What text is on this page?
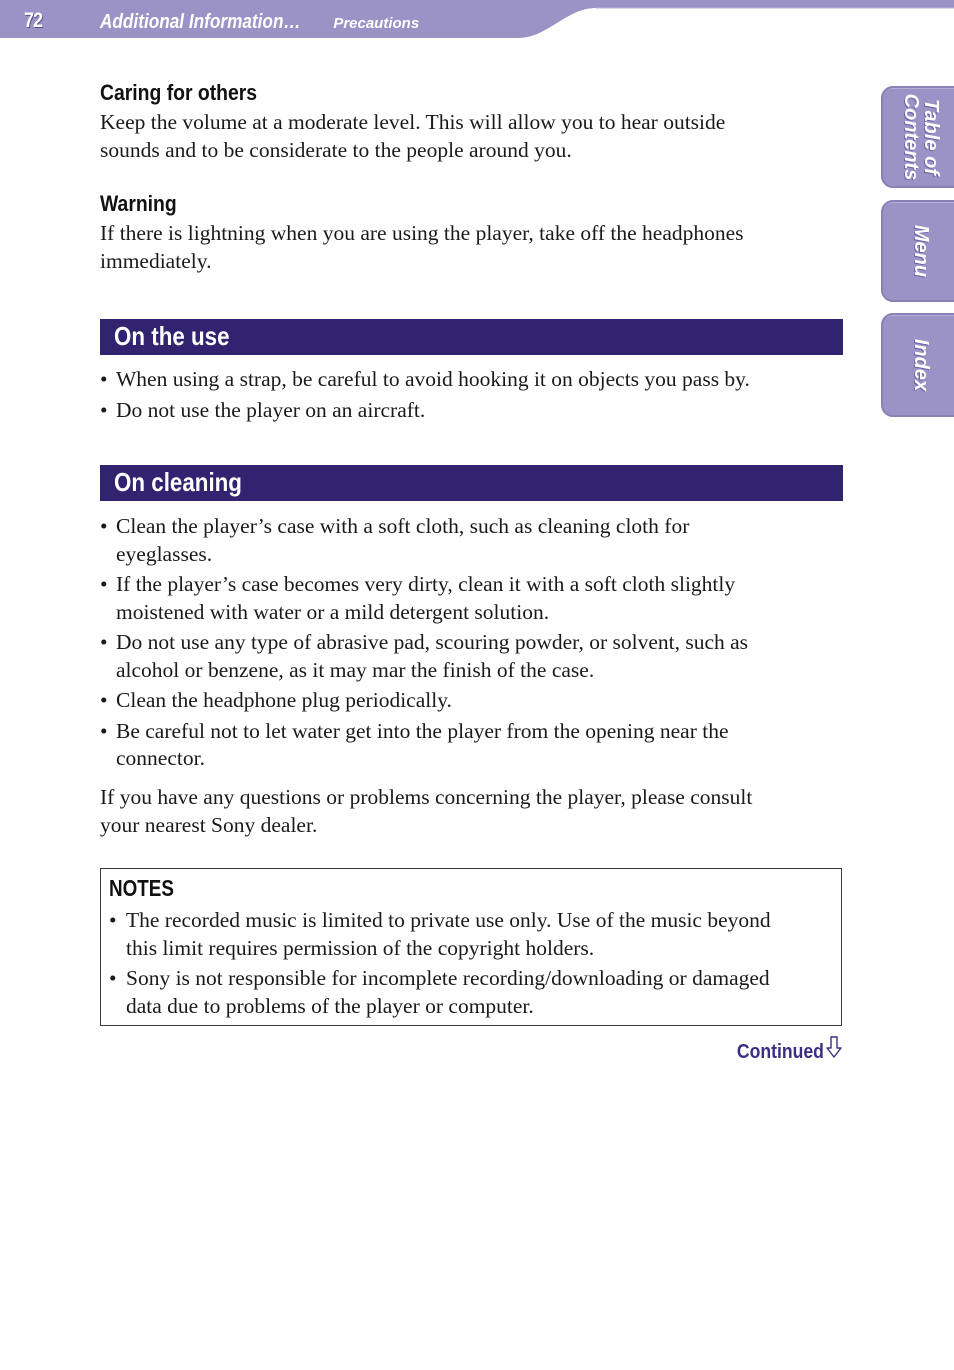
72	Additional Information… Precautions
Table of
Contents
Menu
Index
Caring for others
Keep the volume at a moderate level. This will allow you to hear outside
sounds and to be considerate to the people around you.
Warning
If there is lightning when you are using the player, take off the headphones
immediately.
On the use
• When using a strap, be careful to avoid hooking it on objects you pass by.
• Do not use the player on an aircraft.
On cleaning
• Clean the player’s case with a soft cloth, such as cleaning cloth for
eyeglasses.
• If the player’s case becomes very dirty, clean it with a soft cloth slightly
moistened with water or a mild detergent solution.
• Do not use any type of abrasive pad, scouring powder, or solvent, such as
alcohol or benzene, as it may mar the finish of the case.
• Clean the headphone plug periodically.
• Be careful not to let water get into the player from the opening near the
connector.
If you have any questions or problems concerning the player, please consult
your nearest Sony dealer.
NOTES
• The recorded music is limited to private use only. Use of the music beyond
this limit requires permission of the copyright holders.
• Sony is not responsible for incomplete recording/downloading or damaged
data due to problems of the player or computer.
Continued
